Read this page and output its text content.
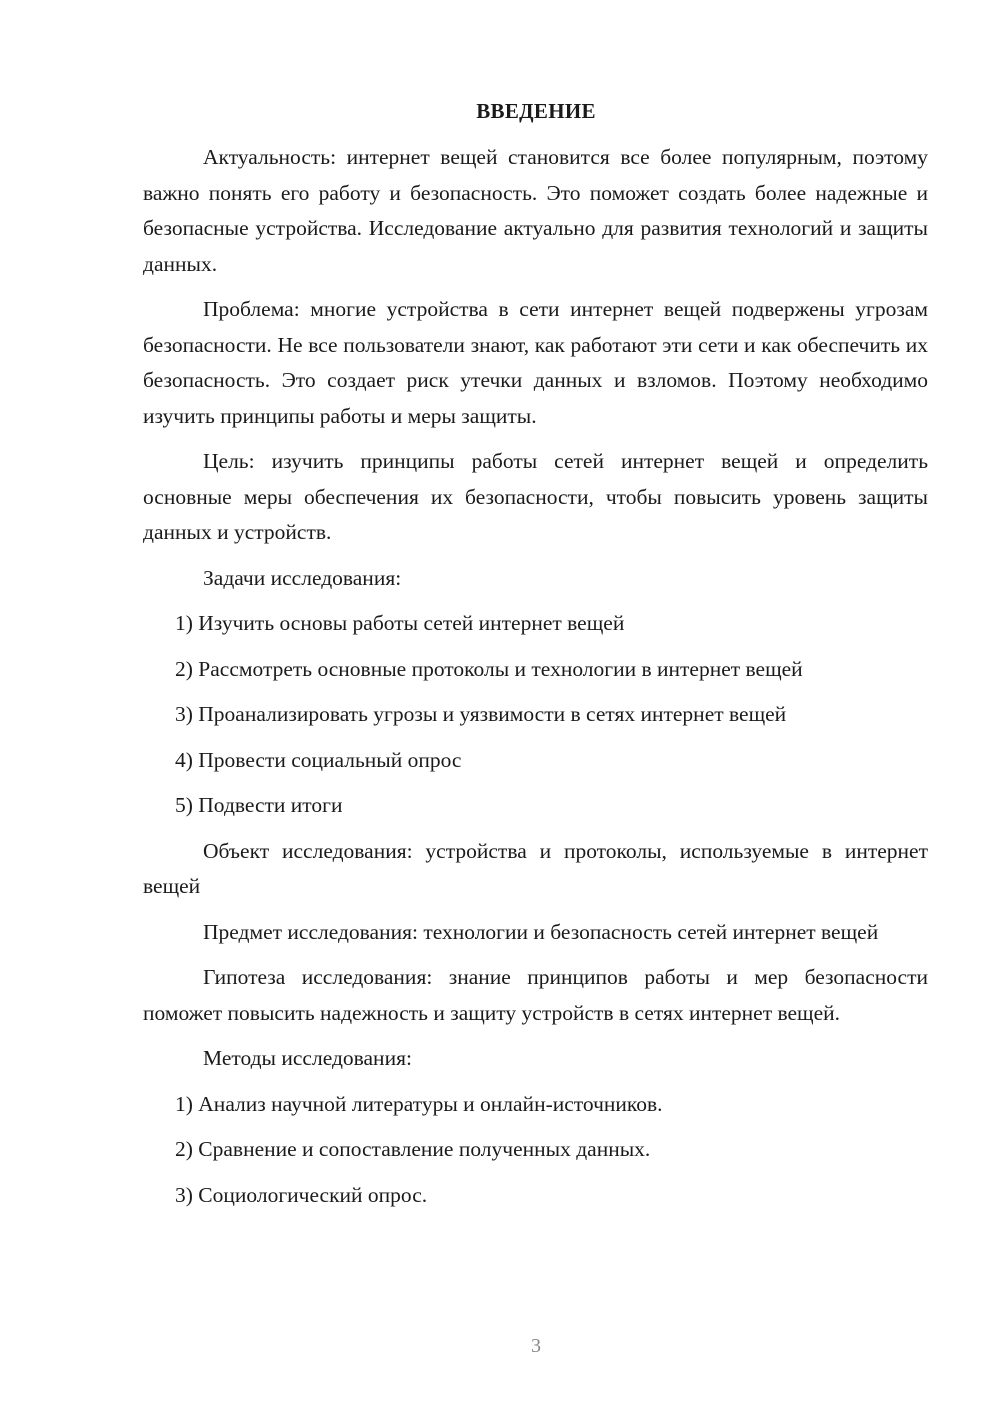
ВВЕДЕНИЕ

Актуальность: интернет вещей становится все более популярным, поэтому важно понять его работу и безопасность. Это поможет создать более надежные и безопасные устройства. Исследование актуально для развития технологий и защиты данных.

Проблема: многие устройства в сети интернет вещей подвержены угрозам безопасности. Не все пользователи знают, как работают эти сети и как обеспечить их безопасность. Это создает риск утечки данных и взломов. Поэтому необходимо изучить принципы работы и меры защиты.

Цель: изучить принципы работы сетей интернет вещей и определить основные меры обеспечения их безопасности, чтобы повысить уровень защиты данных и устройств.

Задачи исследования:

1) Изучить основы работы сетей интернет вещей
2) Рассмотреть основные протоколы и технологии в интернет вещей
3) Проанализировать угрозы и уязвимости в сетях интернет вещей
4) Провести социальный опрос
5) Подвести итоги

Объект исследования: устройства и протоколы, используемые в интернет вещей

Предмет исследования: технологии и безопасность сетей интернет вещей

Гипотеза исследования: знание принципов работы и мер безопасности поможет повысить надежность и защиту устройств в сетях интернет вещей.

Методы исследования:

1) Анализ научной литературы и онлайн-источников.
2) Сравнение и сопоставление полученных данных.
3) Социологический опрос.
3
